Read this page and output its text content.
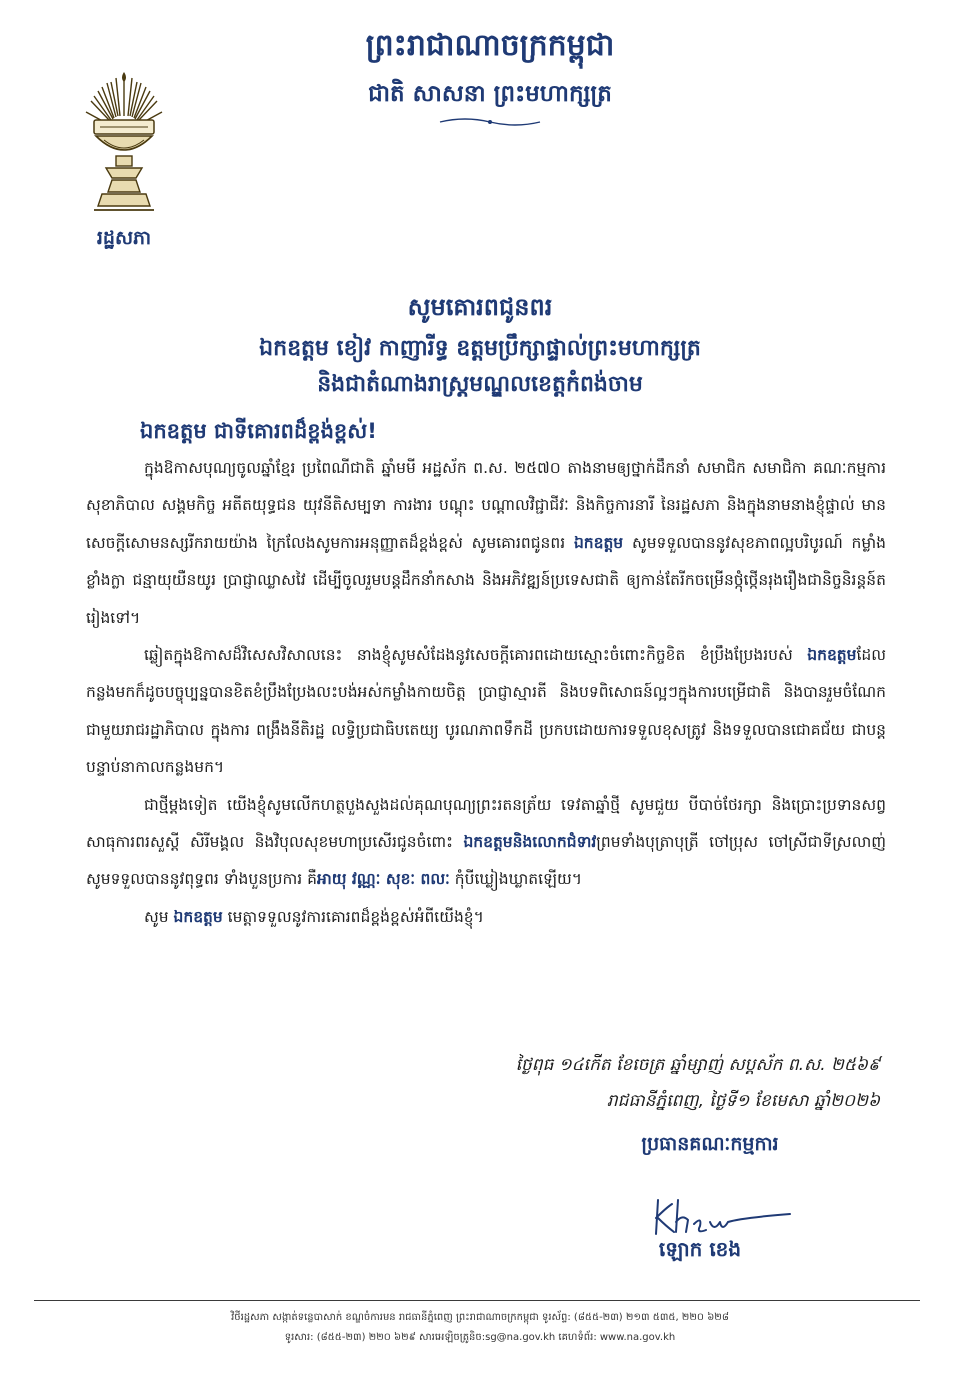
រដ្ឋសភា
ព្រះរាជាណាចក្រកម្ពុជា
ជាតិ សាសនា ព្រះមហាក្សត្រ
សូមគោរពជូនពរ
ឯកឧត្តម ខៀវ កាញារីទ្ធ ឧត្តមប្រឹក្សាផ្ទាល់ព្រះមហាក្សត្រ
និងជាតំណាងរាស្ត្រមណ្ឌលខេត្តកំពង់ចាម
ឯកឧត្តម ជាទីគោរពដ៏ខ្ពង់ខ្ពស់!

ក្នុងឱកាសបុណ្យចូលឆ្នាំខ្មែរ ប្រពៃណីជាតិ ឆ្នាំមមី អដ្ឋស័ក ព.ស. ២៥៧០ តាងនាមឲ្យថ្នាក់ដឹកនាំ សមាជិក សមាជិកា គណៈកម្មការសុខាភិបាល សង្គមកិច្ច អតីតយុទ្ធជន យុវនីតិសម្បទា ការងារ បណ្ដុះ បណ្ដាលវិជ្ជាជីវៈ និងកិច្ចការនារី នៃរដ្ឋសភា និងក្នុងនាមនាងខ្ញុំផ្ទាល់ មានសេចក្ដីសោមនស្សរីករាយយ៉ាង ក្រៃលែងសូមការអនុញ្ញាតដ៏ខ្ពង់ខ្ពស់ សូមគោរពជូនពរ ឯកឧត្តម សូមទទួលបាននូវសុខភាពល្អបរិបូរណ៍ កម្លាំងខ្លាំងក្លា ជន្មាយុយឺនយូរ ប្រាជ្ញាឈ្លាសវៃ ដើម្បីចូលរួមបន្តដឹកនាំកសាង និងអភិវឌ្ឍន៍ប្រទេសជាតិ ឲ្យកាន់តែរីកចម្រើនថ្កុំថ្កើនរុងរឿងជានិច្ចនិរន្តន៍តរៀងទៅ។

ឆ្លៀតក្នុងឱកាសដ៏វិសេសវិសាលនេះ នាងខ្ញុំសូមសំដែងនូវសេចក្ដីគោរពដោយស្មោះចំពោះកិច្ចខិត ខំប្រឹងប្រែងរបស់ ឯកឧត្តមដែលកន្លងមកក៏ដូចបច្ចុប្បន្នបានខិតខំប្រឹងប្រែងលះបង់អស់កម្លាំងកាយចិត្ត ប្រាជ្ញាស្មារតី និងបទពិសោធន៍ល្អៗក្នុងការបម្រើជាតិ និងបានរួមចំណែកជាមួយរាជរដ្ឋាភិបាល ក្នុងការ ពង្រឹងនីតិរដ្ឋ លទ្ធិប្រជាធិបតេយ្យ បូរណភាពទឹកដី ប្រកបដោយការទទួលខុសត្រូវ និងទទួលបានជោគជ័យ ជាបន្តបន្ទាប់នាកាលកន្លងមក។

ជាថ្មីម្ដងទៀត យើងខ្ញុំសូមលើកហត្ថបួងសួងដល់គុណបុណ្យព្រះរតនត្រ័យ ទេវតាឆ្នាំថ្មី សូមជួយ បីបាច់ថែរក្សា និងប្រោះប្រទានសព្វសាធុការពរសួស្ដី សិរីមង្គល និងវិបុលសុខមហាប្រសើរជូនចំពោះ ឯកឧត្តមនិងលោកជំទាវព្រមទាំងបុត្រាបុត្រី ចៅប្រុស ចៅស្រីជាទីស្រលាញ់ សូមទទួលបាននូវពុទ្ធពរ ទាំងបួនប្រការ គឺអាយុ វណ្ណៈ សុខៈ ពលៈ កុំបីឃ្លៀងឃ្លាតឡើយ។

សូម ឯកឧត្តម មេត្តាទទួលនូវការគោរពដ៏ខ្ពង់ខ្ពស់អំពីយើងខ្ញុំ។

ថ្ងៃពុធ ១៤កើត ខែចេត្រ ឆ្នាំម្សាញ់ សប្តស័ក ព.ស. ២៥៦៩
រាជធានីភ្នំពេញ, ថ្ងៃទី១ ខែមេសា ឆ្នាំ២០២៦
ប្រធានគណៈកម្មការ
ឡោក ខេង
វិថីរដ្ឋសភា សង្កាត់ទន្លេបាសាក់ ខណ្ឌចំការមន រាជធានីភ្នំពេញ ព្រះរាជាណាចក្រកម្ពុជា ទូរស័ព្ទ: (៨៥៥-២៣) ២១៣ ៥៣៥, ២២០ ៦២៨
ទូរសារ: (៨៥៥-២៣) ២២០ ៦២៩ សារអេឡិចត្រូនិច:sg@na.gov.kh គេហទំព័រ: www.na.gov.kh
